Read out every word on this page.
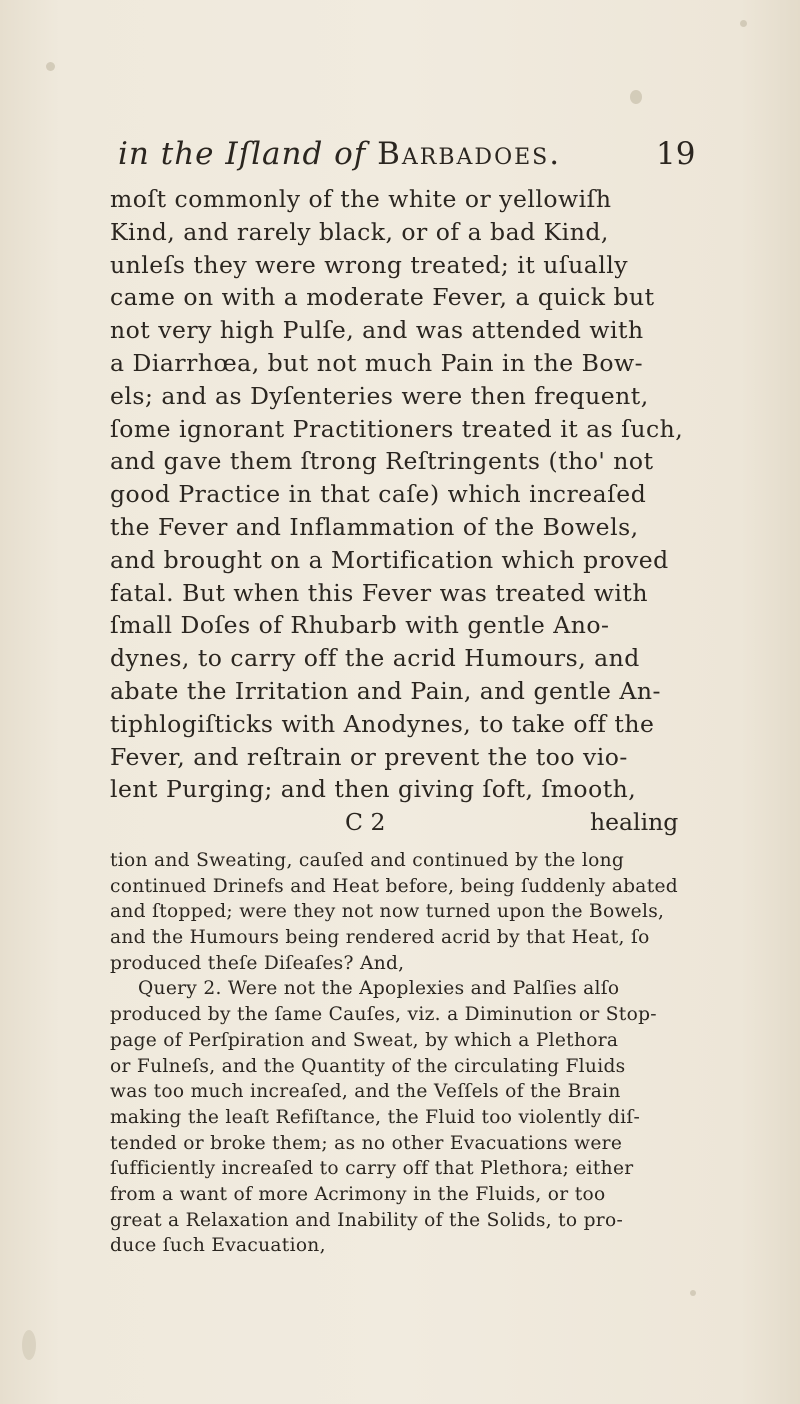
in the Iſland of Barbadoes.	19
moſt commonly of the white or yellowiſh
Kind, and rarely black, or of a bad Kind,
unleſs they were wrong treated; it uſually
came on with a moderate Fever, a quick but
not very high Pulſe, and was attended with
a Diarrhœa, but not much Pain in the Bow-
els; and as Dyſenteries were then frequent,
ſome ignorant Practitioners treated it as ſuch,
and gave them ſtrong Reſtringents (tho' not
good Practice in that caſe) which increaſed
the Fever and Inflammation of the Bowels,
and brought on a Mortification which proved
fatal. But when this Fever was treated with
ſmall Doſes of Rhubarb with gentle Ano-
dynes, to carry off the acrid Humours, and
abate the Irritation and Pain, and gentle An-
tiphlogiſticks with Anodynes, to take off the
Fever, and reſtrain or prevent the too vio-
lent Purging; and then giving ſoft, ſmooth,
C 2	healing
tion and Sweating, cauſed and continued by the long
continued Drinefs and Heat before, being ſuddenly abated
and ſtopped; were they not now turned upon the Bowels,
and the Humours being rendered acrid by that Heat, ſo
produced theſe Diſeaſes? And,
Query 2. Were not the Apoplexies and Palſies alſo
produced by the ſame Cauſes, viz. a Diminution or Stop-
page of Perſpiration and Sweat, by which a Plethora
or Fulneſs, and the Quantity of the circulating Fluids
was too much increaſed, and the Veſſels of the Brain
making the leaſt Refiſtance, the Fluid too violently diſ-
tended or broke them; as no other Evacuations were
ſufficiently increaſed to carry off that Plethora; either
from a want of more Acrimony in the Fluids, or too
great a Relaxation and Inability of the Solids, to pro-
duce ſuch Evacuation,
